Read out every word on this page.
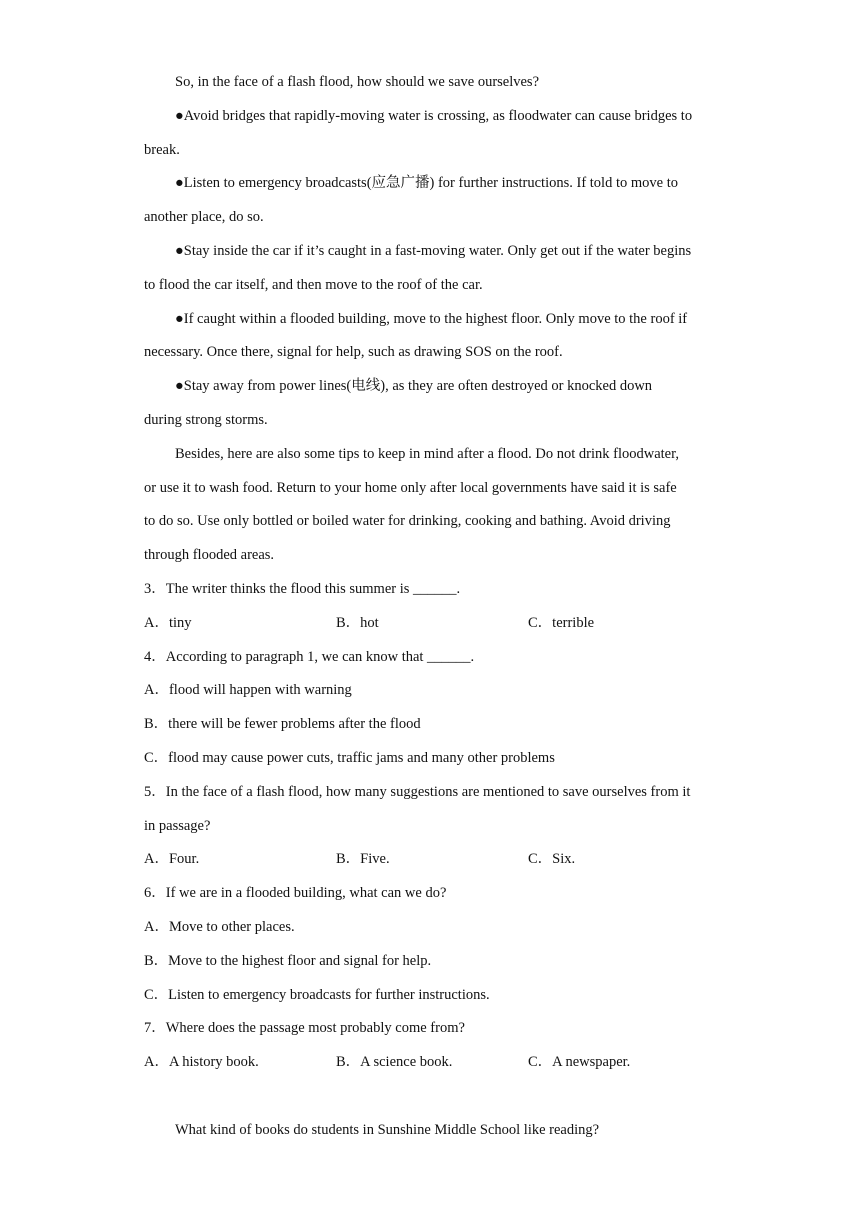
So, in the face of a flash flood, how should we save ourselves?
●Avoid bridges that rapidly-moving water is crossing, as floodwater can cause bridges to
break.
●Listen to emergency broadcasts(应急广播) for further instructions. If told to move to
another place, do so.
●Stay inside the car if it’s caught in a fast-moving water. Only get out if the water begins
to flood the car itself, and then move to the roof of the car.
●If caught within a flooded building, move to the highest floor. Only move to the roof if
necessary. Once there, signal for help, such as drawing SOS on the roof.
●Stay away from power lines(电线), as they are often destroyed or knocked down
during strong storms.
Besides, here are also some tips to keep in mind after a flood. Do not drink floodwater,
or use it to wash food. Return to your home only after local governments have said it is safe
to do so. Use only bottled or boiled water for drinking, cooking and bathing. Avoid driving
through flooded areas.
3．The writer thinks the flood this summer is ______.
A．tiny	B．hot	C．terrible
4．According to paragraph 1, we can know that ______.
A．flood will happen with warning
B．there will be fewer problems after the flood
C．flood may cause power cuts, traffic jams and many other problems
5．In the face of a flash flood, how many suggestions are mentioned to save ourselves from it
in passage?
A．Four.	B．Five.	C．Six.
6．If we are in a flooded building, what can we do?
A．Move to other places.
B．Move to the highest floor and signal for help.
C．Listen to emergency broadcasts for further instructions.
7．Where does the passage most probably come from?
A．A history book.	B．A science book.	C．A newspaper.
What kind of books do students in Sunshine Middle School like reading?
